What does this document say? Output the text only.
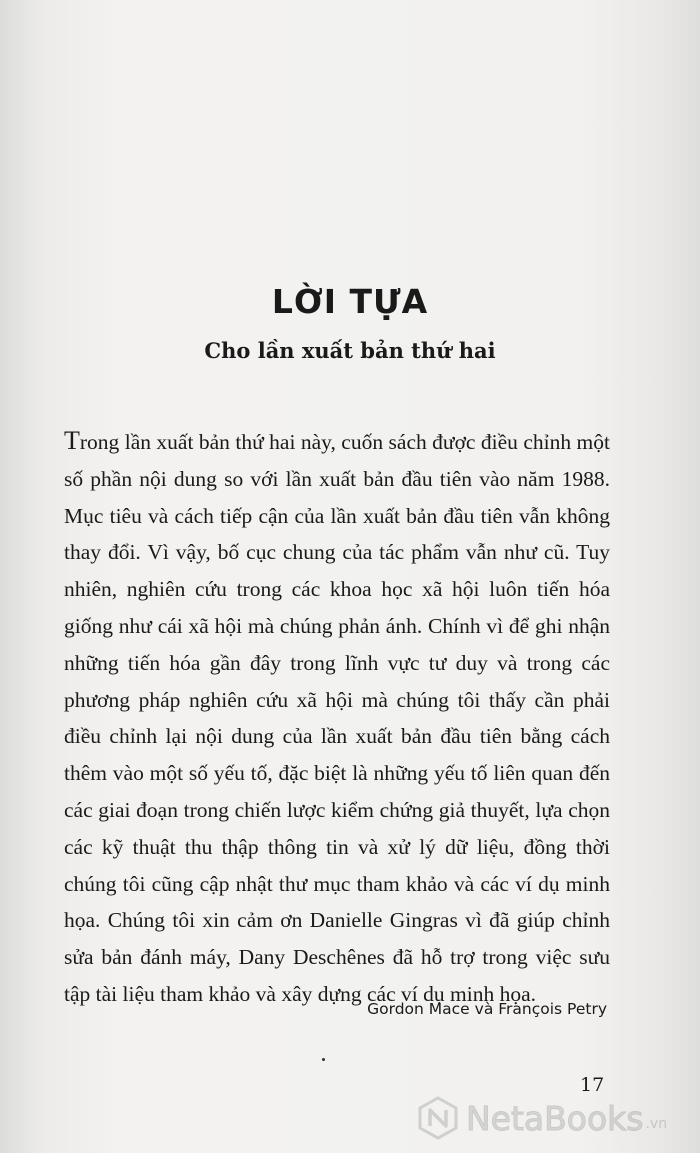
LỜI TỰA
Cho lần xuất bản thứ hai

Trong lần xuất bản thứ hai này, cuốn sách được điều chỉnh một số phần nội dung so với lần xuất bản đầu tiên vào năm 1988. Mục tiêu và cách tiếp cận của lần xuất bản đầu tiên vẫn không thay đổi. Vì vậy, bố cục chung của tác phẩm vẫn như cũ. Tuy nhiên, nghiên cứu trong các khoa học xã hội luôn tiến hóa giống như cái xã hội mà chúng phản ánh. Chính vì để ghi nhận những tiến hóa gần đây trong lĩnh vực tư duy và trong các phương pháp nghiên cứu xã hội mà chúng tôi thấy cần phải điều chỉnh lại nội dung của lần xuất bản đầu tiên bằng cách thêm vào một số yếu tố, đặc biệt là những yếu tố liên quan đến các giai đoạn trong chiến lược kiểm chứng giả thuyết, lựa chọn các kỹ thuật thu thập thông tin và xử lý dữ liệu, đồng thời chúng tôi cũng cập nhật thư mục tham khảo và các ví dụ minh họa. Chúng tôi xin cảm ơn Danielle Gingras vì đã giúp chỉnh sửa bản đánh máy, Dany Deschênes đã hỗ trợ trong việc sưu tập tài liệu tham khảo và xây dựng các ví dụ minh họa.

Gordon Mace và François Petry
17
NetaBooks .vn
